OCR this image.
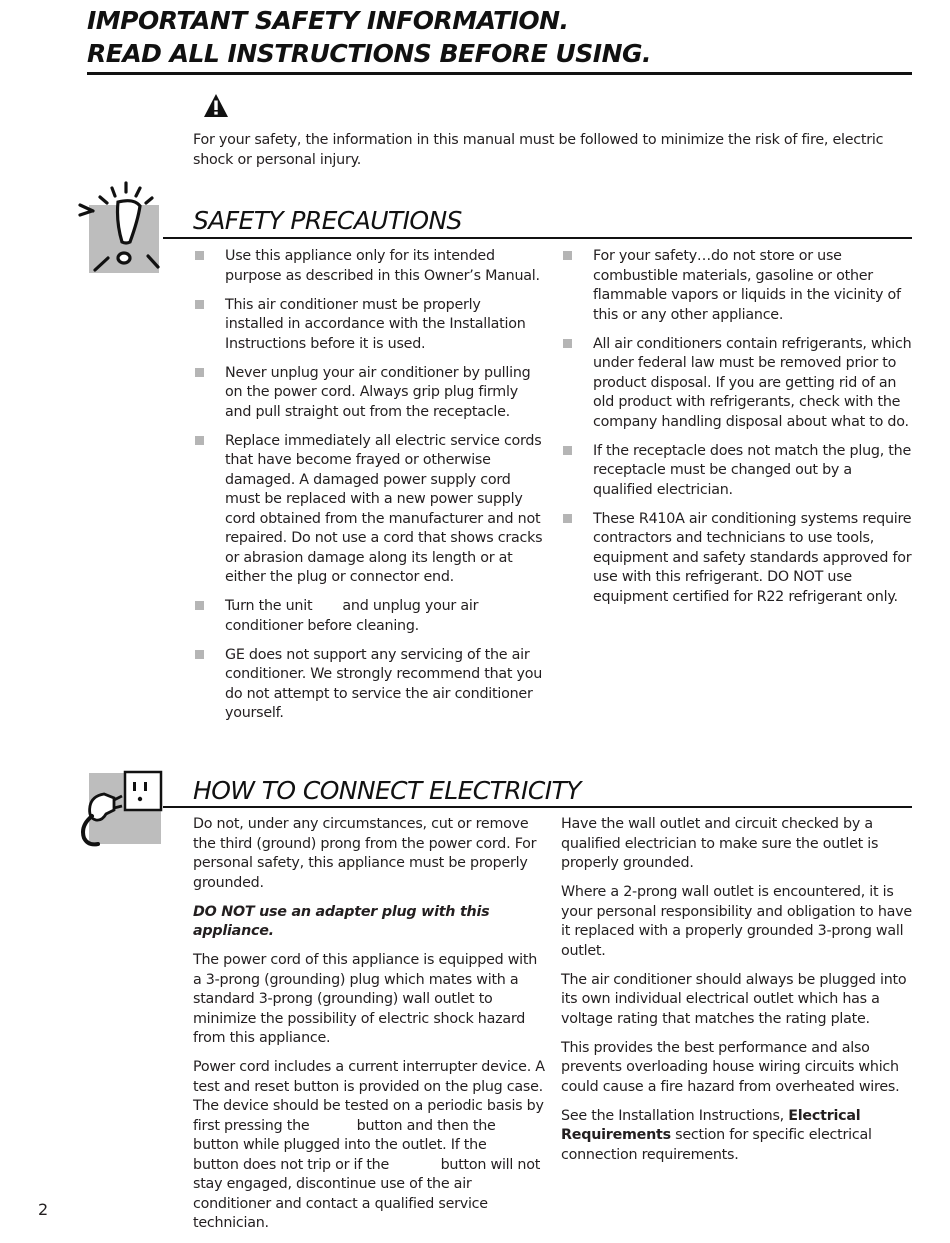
IMPORTANT SAFETY INFORMATION.
READ ALL INSTRUCTIONS BEFORE USING.
For your safety, the information in this manual must be followed to minimize the risk of fire, electric shock or personal injury.
SAFETY PRECAUTIONS
Use this appliance only for its intended purpose as described in this Owner’s Manual.
This air conditioner must be properly installed in accordance with the Installation Instructions before it is used.
Never unplug your air conditioner by pulling on the power cord. Always grip plug firmly and pull straight out from the receptacle.
Replace immediately all electric service cords that have become frayed or otherwise damaged. A damaged power supply cord must be replaced with a new power supply cord obtained from the manufacturer and not repaired. Do not use a cord that shows cracks or abrasion damage along its length or at either the plug or connector end.
Turn the unit       and unplug your air conditioner before cleaning.
GE does not support any servicing of the air conditioner. We strongly recommend that you do not attempt to service the air conditioner yourself.
For your safety…do not store or use combustible materials, gasoline or other flammable vapors or liquids in the vicinity of this or any other appliance.
All air conditioners contain refrigerants, which under federal law must be removed prior to product disposal. If you are getting rid of an old product with refrigerants, check with the company handling disposal about what to do.
If the receptacle does not match the plug, the receptacle must be changed out by a qualified electrician.
These R410A air conditioning systems require contractors and technicians to use tools, equipment and safety standards approved for use with this refrigerant. DO NOT use equipment certified for R22 refrigerant only.
HOW TO CONNECT ELECTRICITY

Do not, under any circumstances, cut or remove the third (ground) prong from the power cord. For personal safety, this appliance must be properly grounded.

DO NOT use an adapter plug with this appliance.

The power cord of this appliance is equipped with a 3-prong (grounding) plug which mates with a standard 3-prong (grounding) wall outlet to minimize the possibility of electric shock hazard from this appliance.

Power cord includes a current interrupter device. A test and reset button is provided on the plug case. The device should be tested on a periodic basis by first pressing the           button and then the            button while plugged into the outlet. If the           button does not trip or if the            button will not stay engaged, discontinue use of the air conditioner and contact a qualified service technician.

Have the wall outlet and circuit checked by a qualified electrician to make sure the outlet is properly grounded.

Where a 2-prong wall outlet is encountered, it is your personal responsibility and obligation to have it replaced with a properly grounded 3-prong wall outlet.

The air conditioner should always be plugged into its own individual electrical outlet which has a voltage rating that matches the rating plate.

This provides the best performance and also prevents overloading house wiring circuits which could cause a fire hazard from overheated wires.

See the Installation Instructions, Electrical Requirements section for specific electrical connection requirements.

2
